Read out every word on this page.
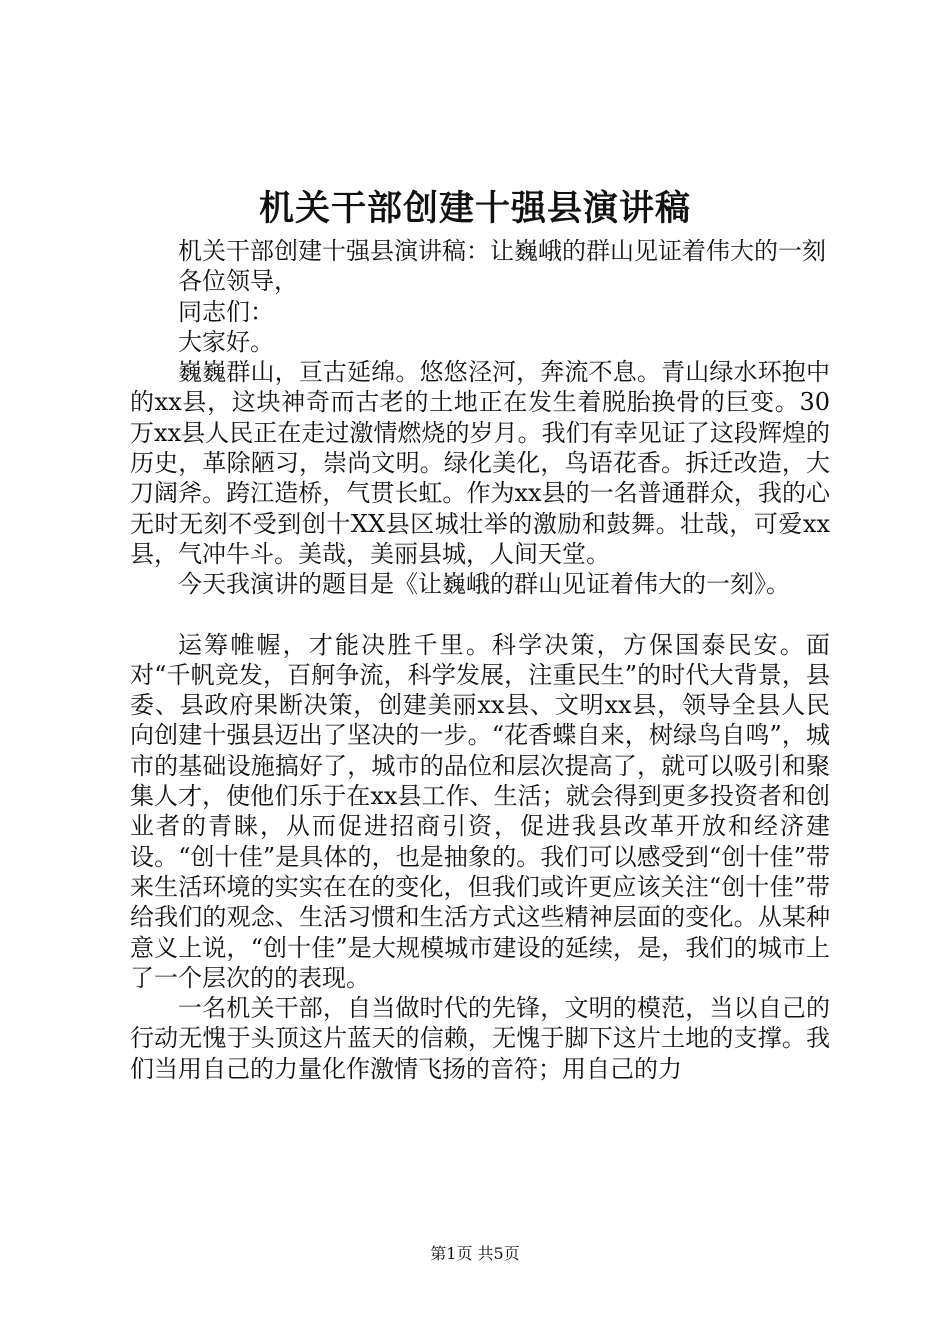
机关干部创建十强县演讲稿

机关干部创建十强县演讲稿：让巍峨的群山见证着伟大的一刻

各位领导，

同志们：

大家好。

巍巍群山，亘古延绵。悠悠泾河，奔流不息。青山绿水环抱中的xx县，这块神奇而古老的土地正在发生着脱胎换骨的巨变。30万xx县人民正在走过激情燃烧的岁月。我们有幸见证了这段辉煌的历史，革除陋习，崇尚文明。绿化美化，鸟语花香。拆迁改造，大刀阔斧。跨江造桥，气贯长虹。作为xx县的一名普通群众，我的心无时无刻不受到创十XX县区城壮举的激励和鼓舞。壮哉，可爱xx县，气冲牛斗。美哉，美丽县城，人间天堂。

今天我演讲的题目是《让巍峨的群山见证着伟大的一刻》。

运筹帷幄，才能决胜千里。科学决策，方保国泰民安。面对“千帆竞发，百舸争流，科学发展，注重民生”的时代大背景，县委、县政府果断决策，创建美丽xx县、文明xx县，领导全县人民向创建十强县迈出了坚决的一步。“花香蝶自来，树绿鸟自鸣”，城市的基础设施搞好了，城市的品位和层次提高了，就可以吸引和聚集人才，使他们乐于在xx县工作、生活；就会得到更多投资者和创业者的青睐，从而促进招商引资，促进我县改革开放和经济建设。“创十佳”是具体的，也是抽象的。我们可以感受到“创十佳”带来生活环境的实实在在的变化，但我们或许更应该关注“创十佳”带给我们的观念、生活习惯和生活方式这些精神层面的变化。从某种意义上说，“创十佳”是大规模城市建设的延续，是，我们的城市上了一个层次的的表现。

一名机关干部，自当做时代的先锋，文明的模范，当以自己的行动无愧于头顶这片蓝天的信赖，无愧于脚下这片土地的支撑。我们当用自己的力量化作激情飞扬的音符；用自己的力

第1页 共5页
